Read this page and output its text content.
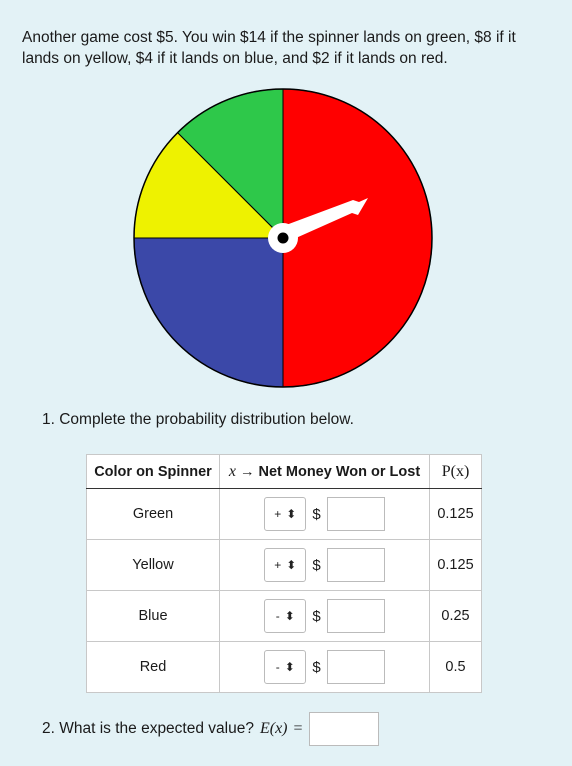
Another game cost $5. You win $14 if the spinner lands on green, $8 if it lands on yellow, $4 if it lands on blue, and $2 if it lands on red.
1. Complete the probability distribution below.
Color on Spinner	x → Net Money Won or Lost	P(x)
Green	+ ⬍ $	0.125
Yellow	+ ⬍ $	0.125
Blue	- ⬍ $	0.25
Red	- ⬍ $	0.5
2. What is the expected value? E(x) =
